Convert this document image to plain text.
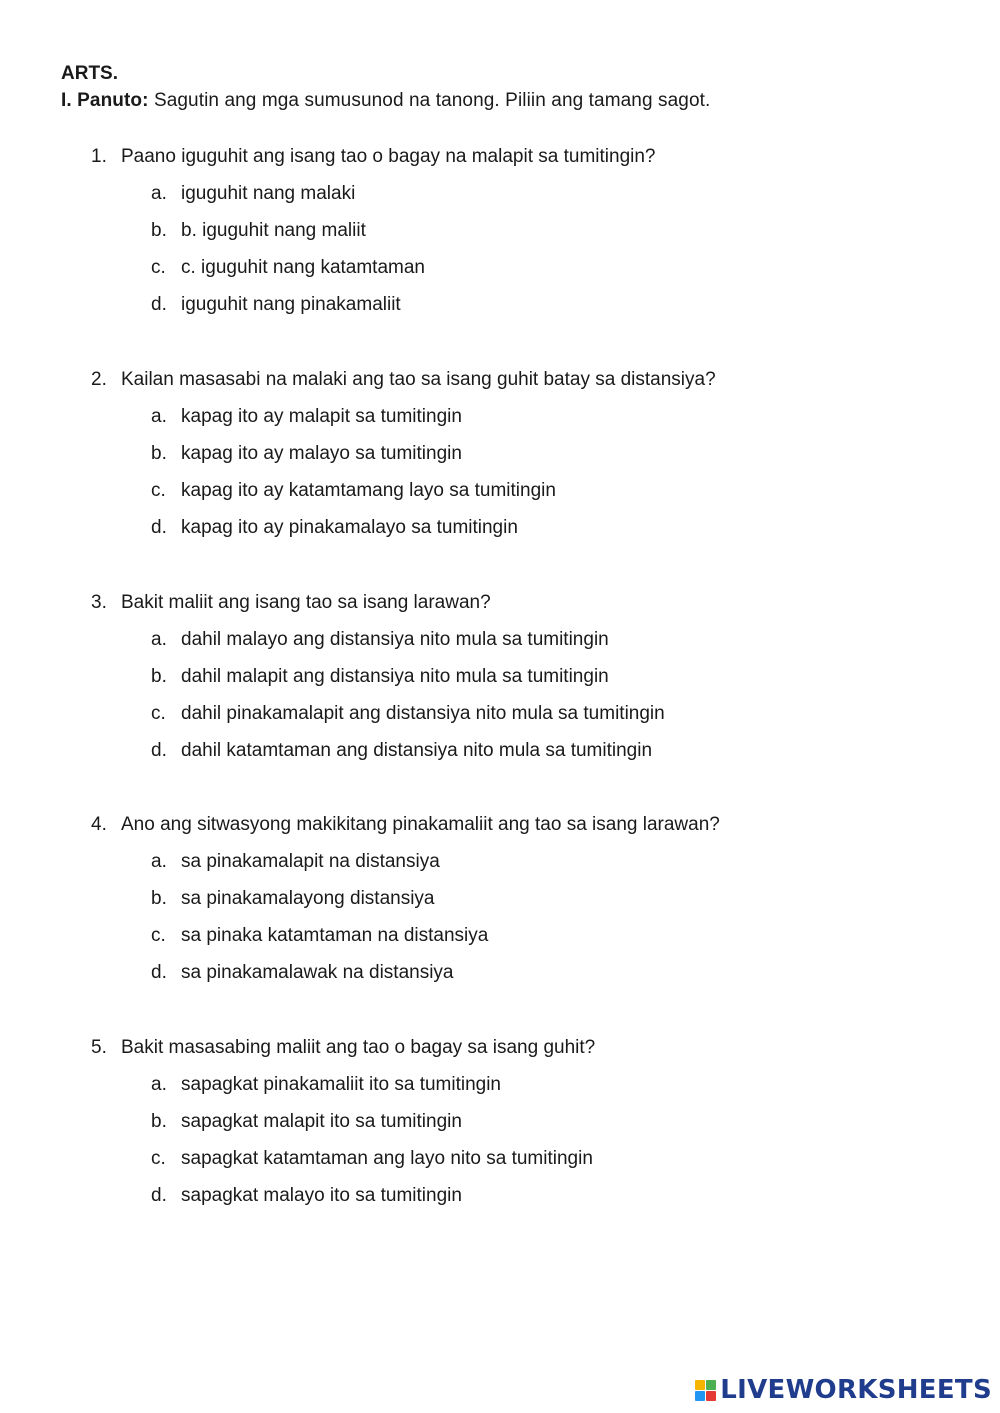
ARTS.
I. Panuto: Sagutin ang mga sumusunod na tanong. Piliin ang tamang sagot.
1. Paano iguguhit ang isang tao o bagay na malapit sa tumitingin?
a. iguguhit nang malaki
b. b. iguguhit nang maliit
c. c. iguguhit nang katamtaman
d. iguguhit nang pinakamaliit
2. Kailan masasabi na malaki ang tao sa isang guhit batay sa distansiya?
a. kapag ito ay malapit sa tumitingin
b. kapag ito ay malayo sa tumitingin
c. kapag ito ay katamtamang layo sa tumitingin
d. kapag ito ay pinakamalayo sa tumitingin
3. Bakit maliit ang isang tao sa isang larawan?
a. dahil malayo ang distansiya nito mula sa tumitingin
b. dahil malapit ang distansiya nito mula sa tumitingin
c. dahil pinakamalapit ang distansiya nito mula sa tumitingin
d. dahil katamtaman ang distansiya nito mula sa tumitingin
4. Ano ang sitwasyong makikitang pinakamaliit ang tao sa isang larawan?
a. sa pinakamalapit na distansiya
b. sa pinakamalayong distansiya
c. sa pinaka katamtaman na distansiya
d. sa pinakamalawak na distansiya
5. Bakit masasabing maliit ang tao o bagay sa isang guhit?
a. sapagkat pinakamaliit ito sa tumitingin
b. sapagkat malapit ito sa tumitingin
c. sapagkat katamtaman ang layo nito sa tumitingin
d. sapagkat malayo ito sa tumitingin
LIVEWORKSHEETS
